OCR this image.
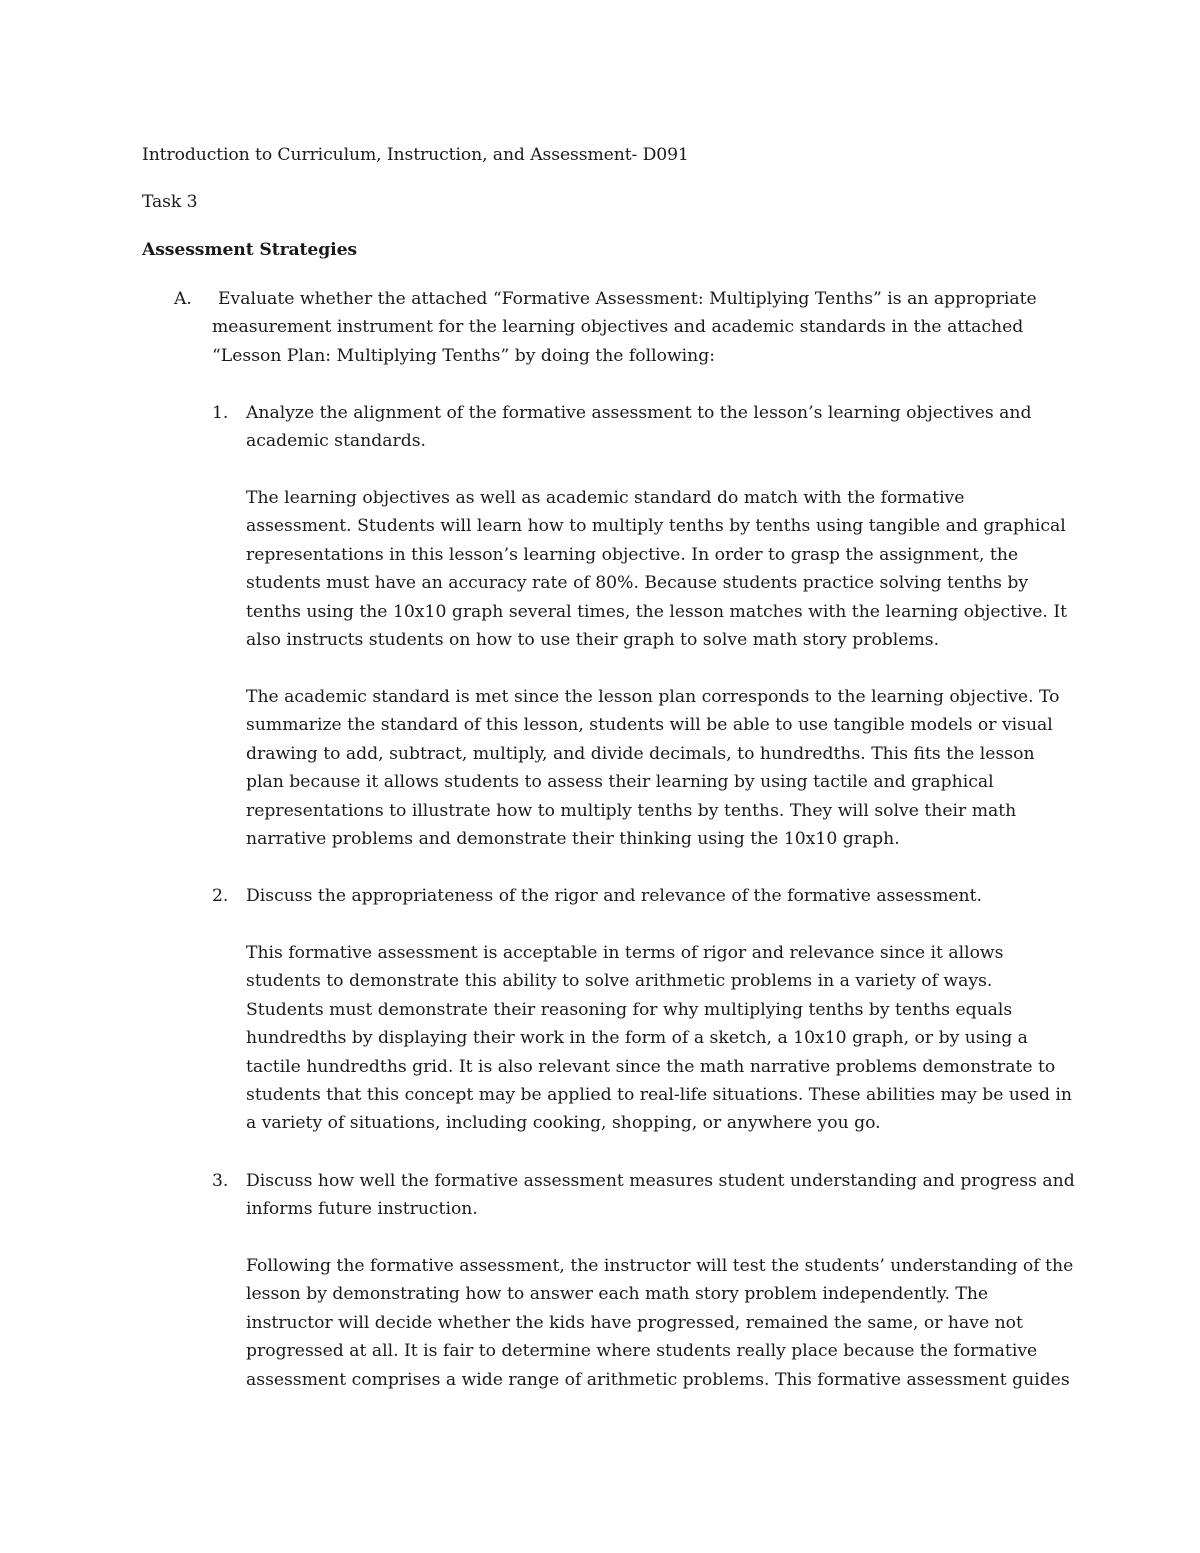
Introduction to Curriculum, Instruction, and Assessment- D091
Task 3
Assessment Strategies
A.	Evaluate whether the attached “Formative Assessment: Multiplying Tenths” is an appropriate
measurement instrument for the learning objectives and academic standards in the attached
“Lesson Plan: Multiplying Tenths” by doing the following:
1. Analyze the alignment of the formative assessment to the lesson’s learning objectives and
academic standards.
The learning objectives as well as academic standard do match with the formative
assessment. Students will learn how to multiply tenths by tenths using tangible and graphical
representations in this lesson’s learning objective. In order to grasp the assignment, the
students must have an accuracy rate of 80%. Because students practice solving tenths by
tenths using the 10x10 graph several times, the lesson matches with the learning objective. It
also instructs students on how to use their graph to solve math story problems.
The academic standard is met since the lesson plan corresponds to the learning objective. To
summarize the standard of this lesson, students will be able to use tangible models or visual
drawing to add, subtract, multiply, and divide decimals, to hundredths. This fits the lesson
plan because it allows students to assess their learning by using tactile and graphical
representations to illustrate how to multiply tenths by tenths. They will solve their math
narrative problems and demonstrate their thinking using the 10x10 graph.
2. Discuss the appropriateness of the rigor and relevance of the formative assessment.
This formative assessment is acceptable in terms of rigor and relevance since it allows
students to demonstrate this ability to solve arithmetic problems in a variety of ways.
Students must demonstrate their reasoning for why multiplying tenths by tenths equals
hundredths by displaying their work in the form of a sketch, a 10x10 graph, or by using a
tactile hundredths grid. It is also relevant since the math narrative problems demonstrate to
students that this concept may be applied to real-life situations. These abilities may be used in
a variety of situations, including cooking, shopping, or anywhere you go.
3. Discuss how well the formative assessment measures student understanding and progress and
informs future instruction.
Following the formative assessment, the instructor will test the students’ understanding of the
lesson by demonstrating how to answer each math story problem independently. The
instructor will decide whether the kids have progressed, remained the same, or have not
progressed at all. It is fair to determine where students really place because the formative
assessment comprises a wide range of arithmetic problems. This formative assessment guides
